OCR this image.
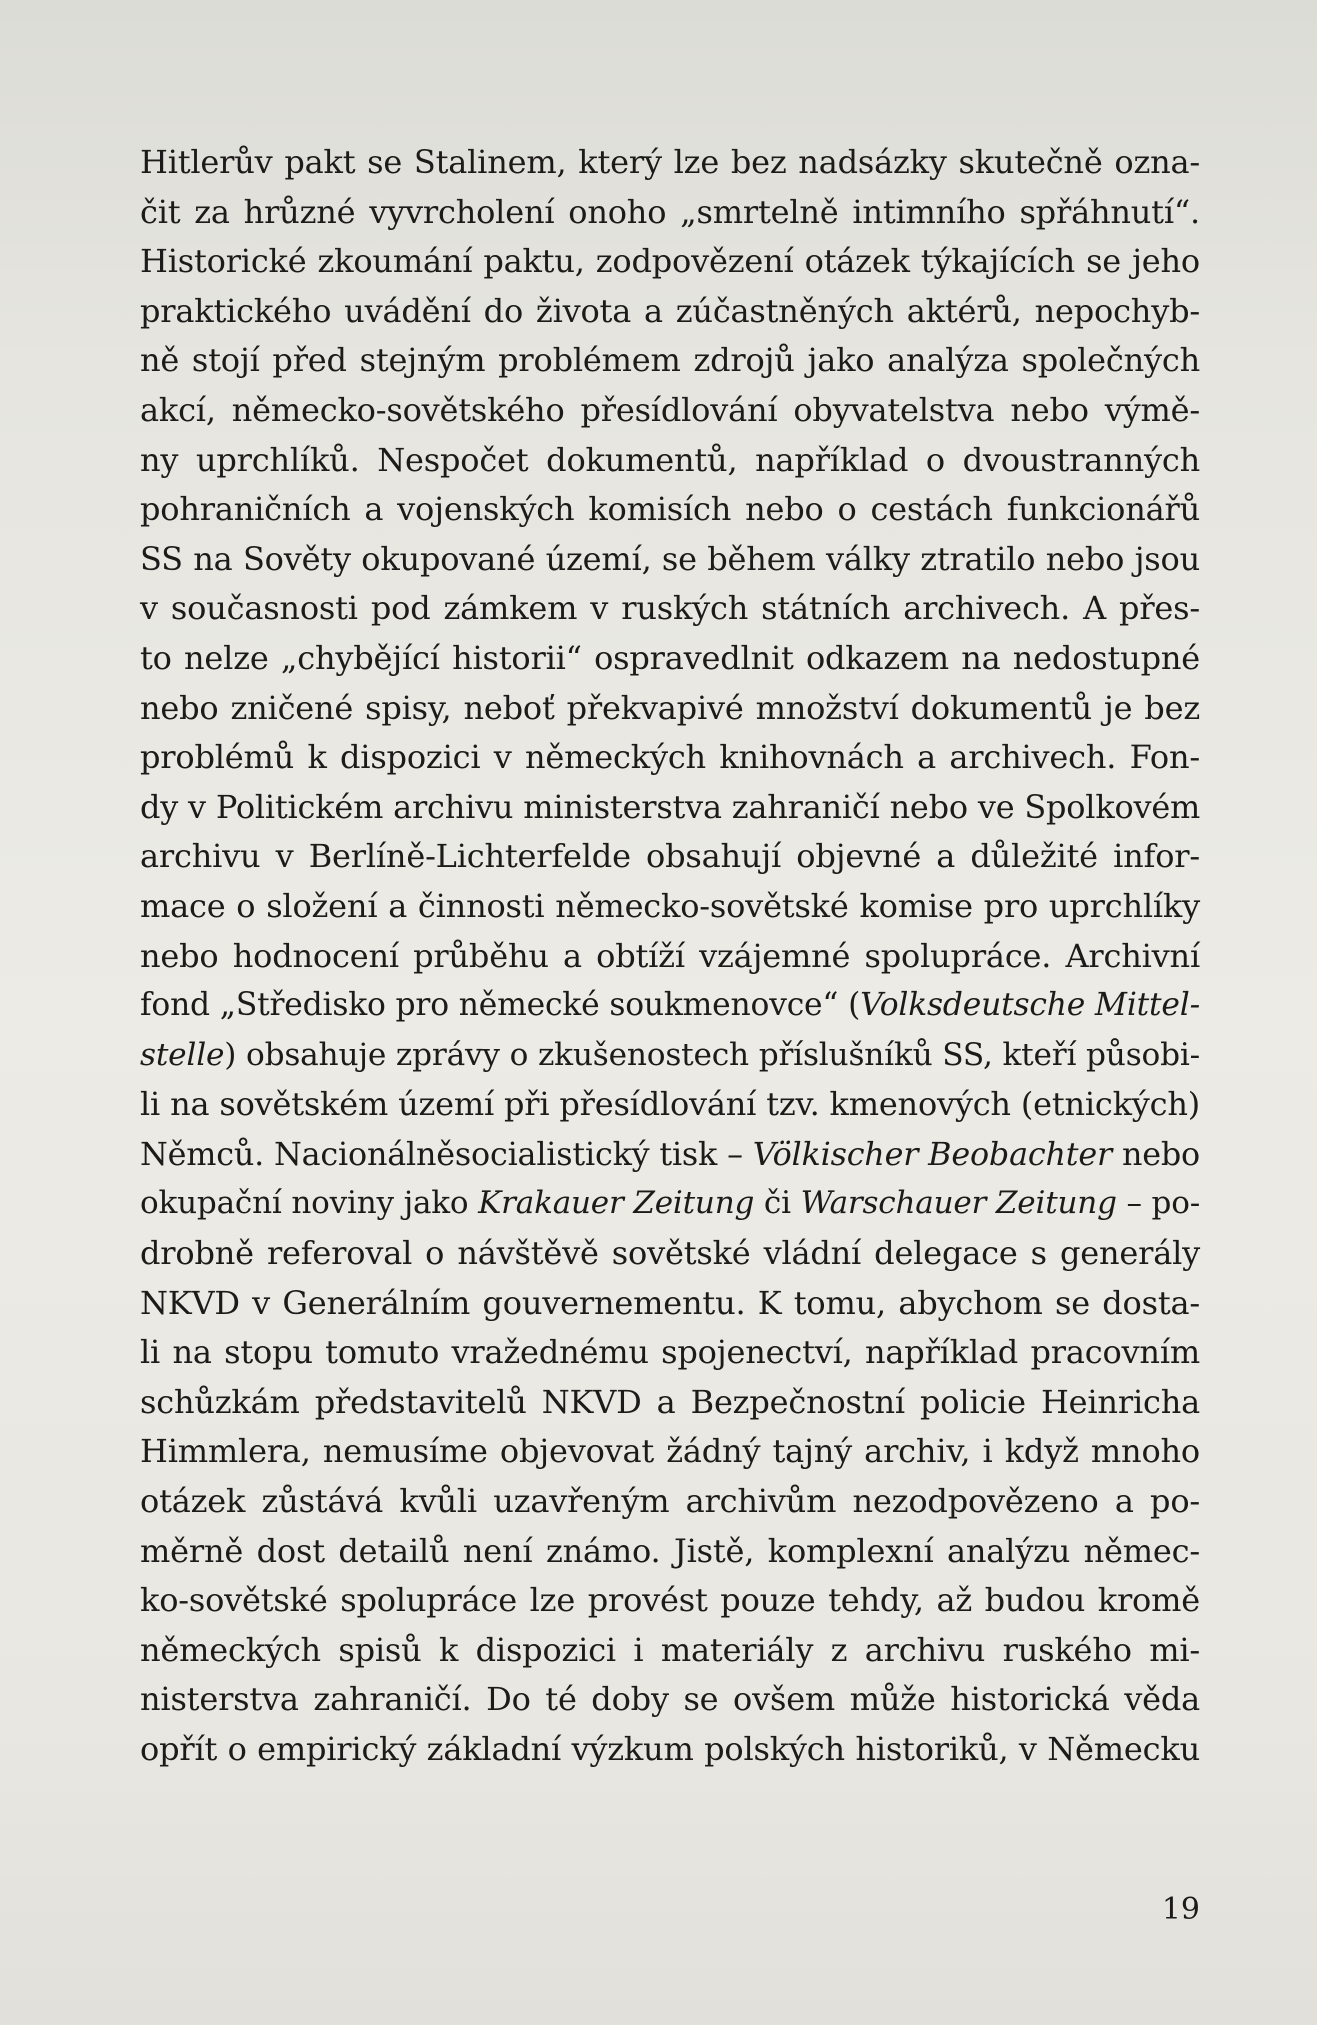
Hitlerův pakt se Stalinem, který lze bez nadsázky skutečně ozna-
čit za hrůzné vyvrcholení onoho „smrtelně intimního spřáhnutí“.
Historické zkoumání paktu, zodpovězení otázek týkajících se jeho
praktického uvádění do života a zúčastněných aktérů, nepochyb-
ně stojí před stejným problémem zdrojů jako analýza společných
akcí, německo-sovětského přesídlování obyvatelstva nebo výmě-
ny uprchlíků. Nespočet dokumentů, například o dvoustranných
pohraničních a vojenských komisích nebo o cestách funkcionářů
SS na Sověty okupované území, se během války ztratilo nebo jsou
v současnosti pod zámkem v ruských státních archivech. A přes-
to nelze „chybějící historii“ ospravedlnit odkazem na nedostupné
nebo zničené spisy, neboť překvapivé množství dokumentů je bez
problémů k dispozici v německých knihovnách a archivech. Fon-
dy v Politickém archivu ministerstva zahraničí nebo ve Spolkovém
archivu v Berlíně-Lichterfelde obsahují objevné a důležité infor-
mace o složení a činnosti německo-sovětské komise pro uprchlíky
nebo hodnocení průběhu a obtíží vzájemné spolupráce. Archivní
fond „Středisko pro německé soukmenovce“ (Volksdeutsche Mittel-
stelle) obsahuje zprávy o zkušenostech příslušníků SS, kteří působi-
li na sovětském území při přesídlování tzv. kmenových (etnických)
Němců. Nacionálněsocialistický tisk – Völkischer Beobachter nebo
okupační noviny jako Krakauer Zeitung či Warschauer Zeitung – po-
drobně referoval o návštěvě sovětské vládní delegace s generály
NKVD v Generálním gouvernementu. K tomu, abychom se dosta-
li na stopu tomuto vražednému spojenectví, například pracovním
schůzkám představitelů NKVD a Bezpečnostní policie Heinricha
Himmlera, nemusíme objevovat žádný tajný archiv, i když mnoho
otázek zůstává kvůli uzavřeným archivům nezodpovězeno a po-
měrně dost detailů není známo. Jistě, komplexní analýzu němec-
ko-sovětské spolupráce lze provést pouze tehdy, až budou kromě
německých spisů k dispozici i materiály z archivu ruského mi-
nisterstva zahraničí. Do té doby se ovšem může historická věda
opřít o empirický základní výzkum polských historiků, v Německu

19
